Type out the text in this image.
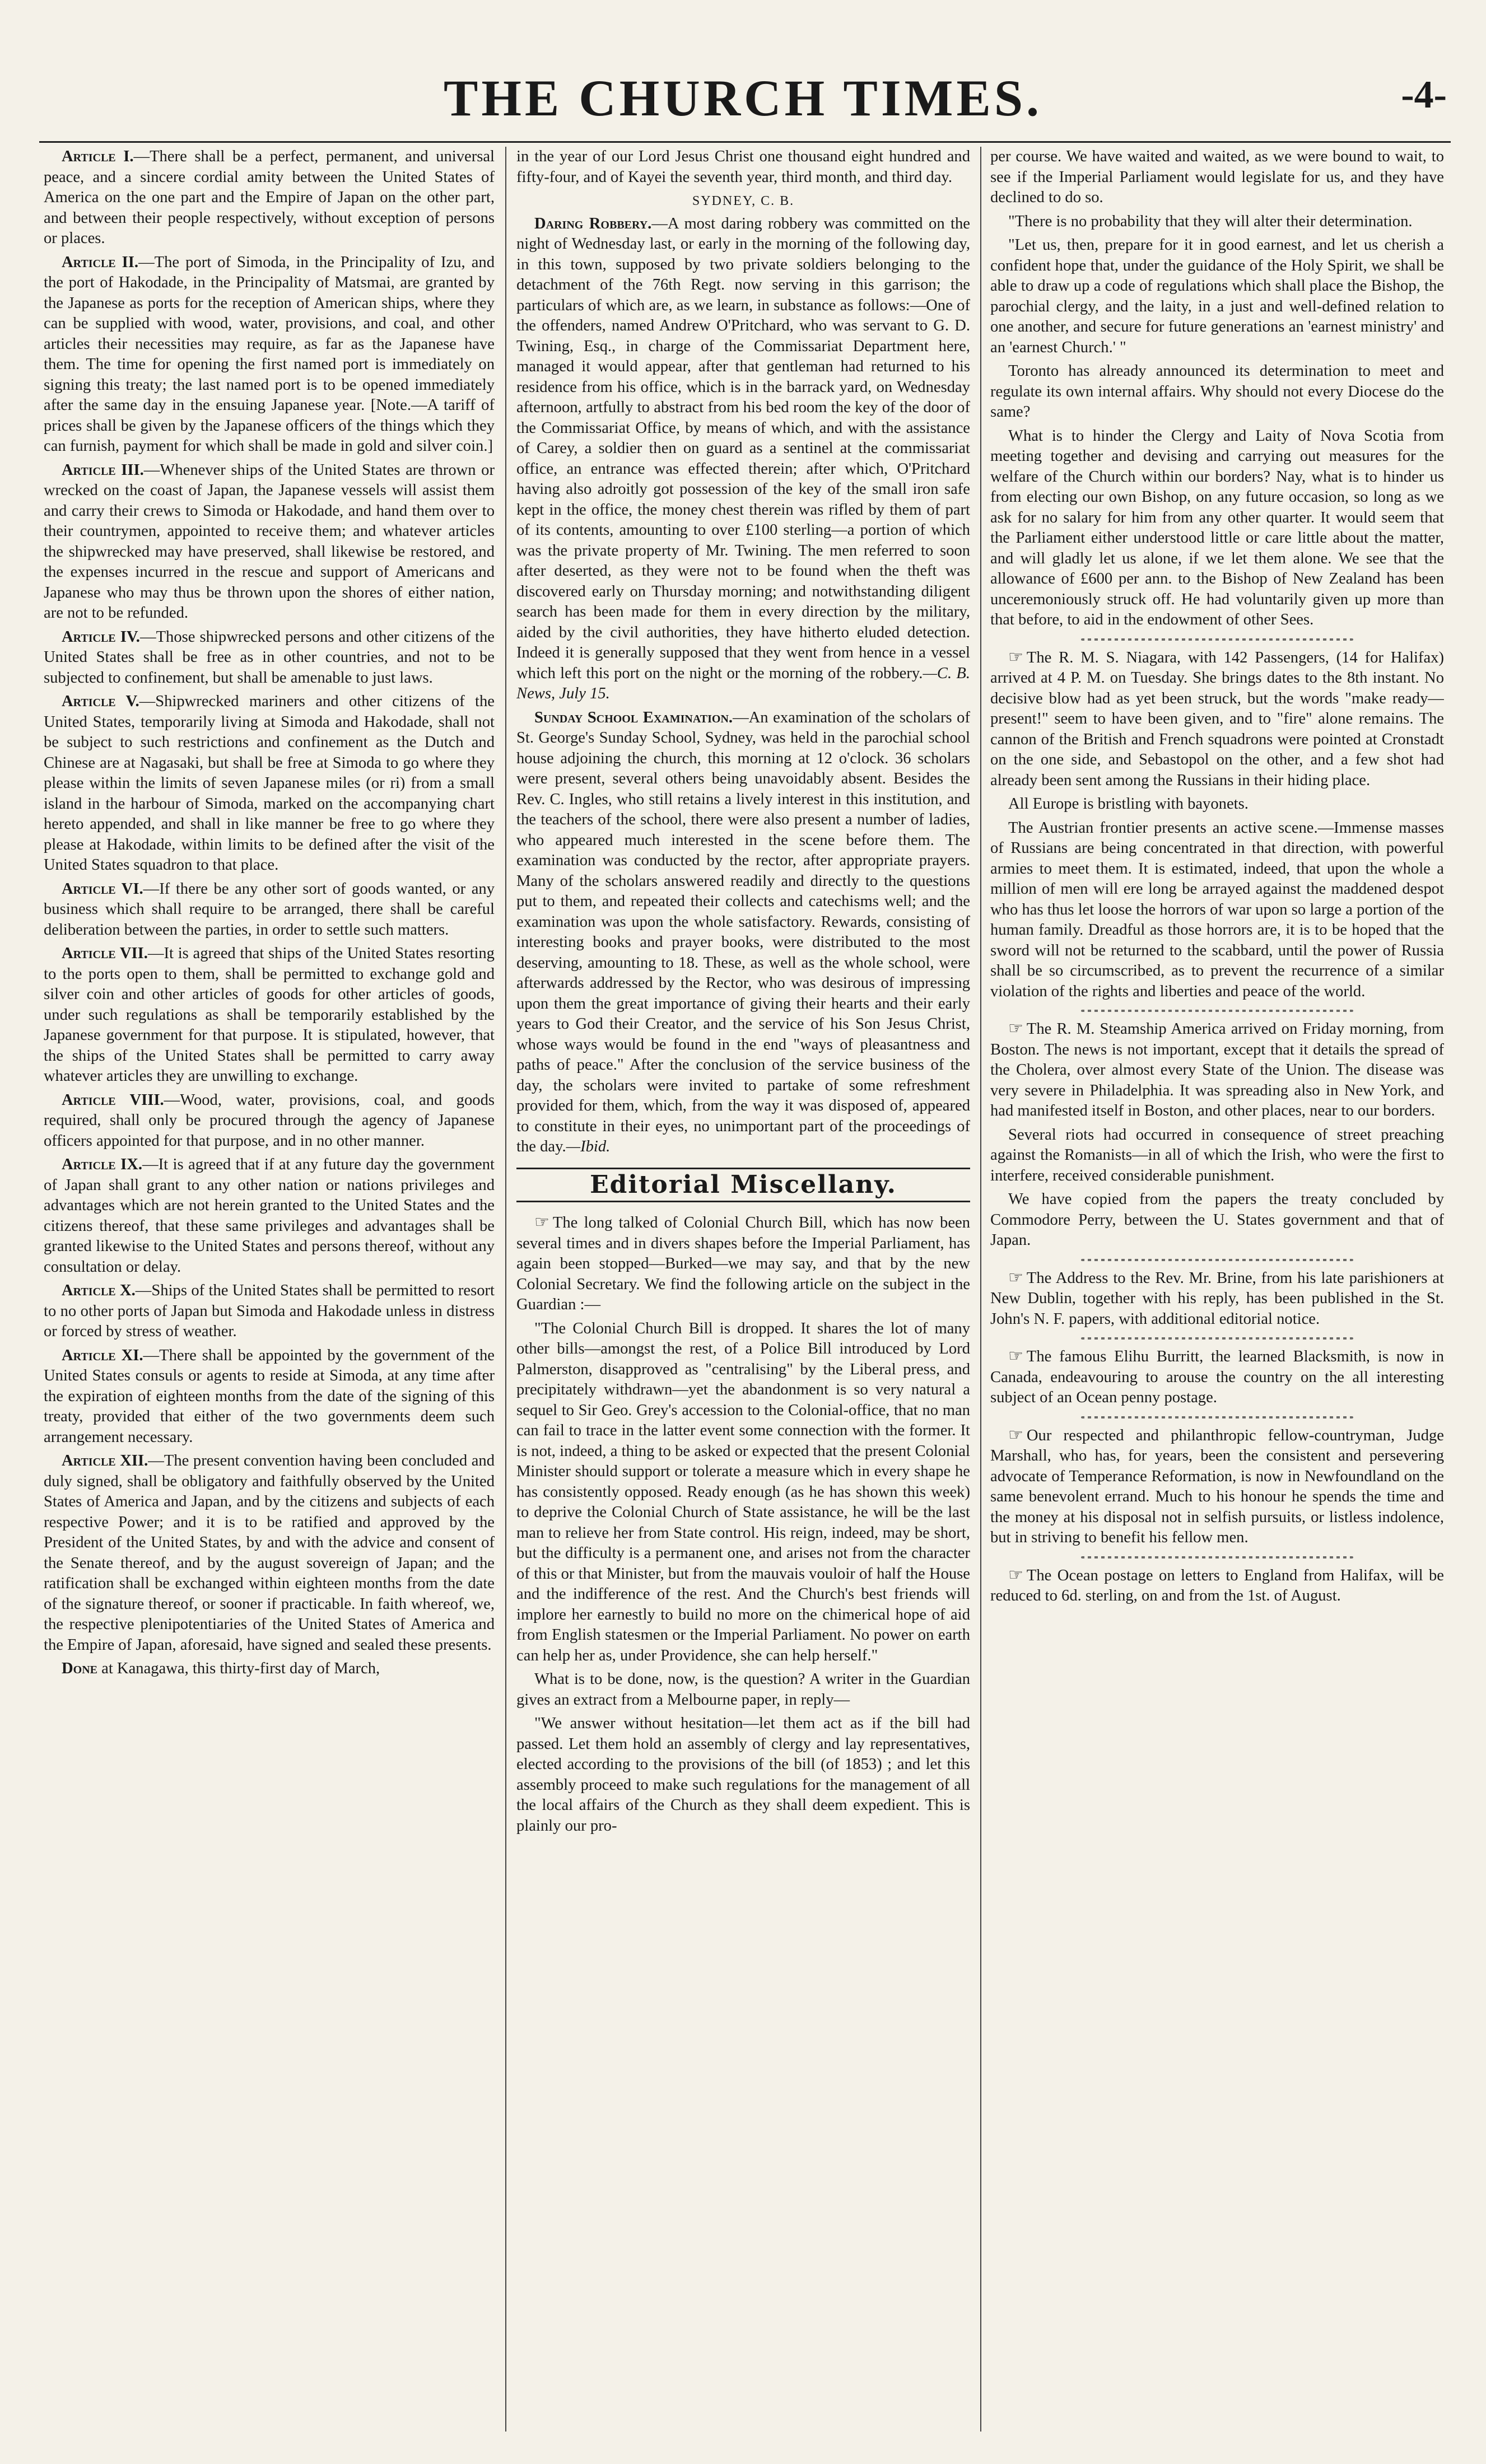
THE CHURCH TIMES.	-4-

Article I.—There shall be a perfect, permanent, and universal peace, and a sincere cordial amity between the United States of America on the one part and the Empire of Japan on the other part, and between their people respectively, without exception of persons or places.

Article II.—The port of Simoda, in the Principality of Izu, and the port of Hakodade, in the Principality of Matsmai, are granted by the Japanese as ports for the reception of American ships, where they can be supplied with wood, water, provisions, and coal, and other articles their necessities may require, as far as the Japanese have them. The time for opening the first named port is immediately on signing this treaty; the last named port is to be opened immediately after the same day in the ensuing Japanese year. [Note.—A tariff of prices shall be given by the Japanese officers of the things which they can furnish, payment for which shall be made in gold and silver coin.]

Article III.—Whenever ships of the United States are thrown or wrecked on the coast of Japan, the Japanese vessels will assist them and carry their crews to Simoda or Hakodade, and hand them over to their countrymen, appointed to receive them; and whatever articles the shipwrecked may have preserved, shall likewise be restored, and the expenses incurred in the rescue and support of Americans and Japanese who may thus be thrown upon the shores of either nation, are not to be refunded.

Article IV.—Those shipwrecked persons and other citizens of the United States shall be free as in other countries, and not to be subjected to confinement, but shall be amenable to just laws.

Article V.—Shipwrecked mariners and other citizens of the United States, temporarily living at Simoda and Hakodade, shall not be subject to such restrictions and confinement as the Dutch and Chinese are at Nagasaki, but shall be free at Simoda to go where they please within the limits of seven Japanese miles (or ri) from a small island in the harbour of Simoda, marked on the accompanying chart hereto appended, and shall in like manner be free to go where they please at Hakodade, within limits to be defined after the visit of the United States squadron to that place.

Article VI.—If there be any other sort of goods wanted, or any business which shall require to be arranged, there shall be careful deliberation between the parties, in order to settle such matters.

Article VII.—It is agreed that ships of the United States resorting to the ports open to them, shall be permitted to exchange gold and silver coin and other articles of goods for other articles of goods, under such regulations as shall be temporarily established by the Japanese government for that purpose. It is stipulated, however, that the ships of the United States shall be permitted to carry away whatever articles they are unwilling to exchange.

Article VIII.—Wood, water, provisions, coal, and goods required, shall only be procured through the agency of Japanese officers appointed for that purpose, and in no other manner.

Article IX.—It is agreed that if at any future day the government of Japan shall grant to any other nation or nations privileges and advantages which are not herein granted to the United States and the citizens thereof, that these same privileges and advantages shall be granted likewise to the United States and persons thereof, without any consultation or delay.

Article X.—Ships of the United States shall be permitted to resort to no other ports of Japan but Simoda and Hakodade unless in distress or forced by stress of weather.

Article XI.—There shall be appointed by the government of the United States consuls or agents to reside at Simoda, at any time after the expiration of eighteen months from the date of the signing of this treaty, provided that either of the two governments deem such arrangement necessary.

Article XII.—The present convention having been concluded and duly signed, shall be obligatory and faithfully observed by the United States of America and Japan, and by the citizens and subjects of each respective Power; and it is to be ratified and approved by the President of the United States, by and with the advice and consent of the Senate thereof, and by the august sovereign of Japan; and the ratification shall be exchanged within eighteen months from the date of the signature thereof, or sooner if practicable. In faith whereof, we, the respective plenipotentiaries of the United States of America and the Empire of Japan, aforesaid, have signed and sealed these presents.

Done at Kanagawa, this thirty-first day of March,

in the year of our Lord Jesus Christ one thousand eight hundred and fifty-four, and of Kayei the seventh year, third month, and third day.

SYDNEY, C. B.

Daring Robbery.—A most daring robbery was committed on the night of Wednesday last, or early in the morning of the following day, in this town, supposed by two private soldiers belonging to the detachment of the 76th Regt. now serving in this garrison; the particulars of which are, as we learn, in substance as follows:—One of the offenders, named Andrew O'Pritchard, who was servant to G. D. Twining, Esq., in charge of the Commissariat Department here, managed it would appear, after that gentleman had returned to his residence from his office, which is in the barrack yard, on Wednesday afternoon, artfully to abstract from his bed room the key of the door of the Commissariat Office, by means of which, and with the assistance of Carey, a soldier then on guard as a sentinel at the commissariat office, an entrance was effected therein; after which, O'Pritchard having also adroitly got possession of the key of the small iron safe kept in the office, the money chest therein was rifled by them of part of its contents, amounting to over £100 sterling—a portion of which was the private property of Mr. Twining. The men referred to soon after deserted, as they were not to be found when the theft was discovered early on Thursday morning; and notwithstanding diligent search has been made for them in every direction by the military, aided by the civil authorities, they have hitherto eluded detection. Indeed it is generally supposed that they went from hence in a vessel which left this port on the night or the morning of the robbery.—C. B. News, July 15.

Sunday School Examination.—An examination of the scholars of St. George's Sunday School, Sydney, was held in the parochial school house adjoining the church, this morning at 12 o'clock. 36 scholars were present, several others being unavoidably absent. Besides the Rev. C. Ingles, who still retains a lively interest in this institution, and the teachers of the school, there were also present a number of ladies, who appeared much interested in the scene before them. The examination was conducted by the rector, after appropriate prayers. Many of the scholars answered readily and directly to the questions put to them, and repeated their collects and catechisms well; and the examination was upon the whole satisfactory. Rewards, consisting of interesting books and prayer books, were distributed to the most deserving, amounting to 18. These, as well as the whole school, were afterwards addressed by the Rector, who was desirous of impressing upon them the great importance of giving their hearts and their early years to God their Creator, and the service of his Son Jesus Christ, whose ways would be found in the end "ways of pleasantness and paths of peace." After the conclusion of the service business of the day, the scholars were invited to partake of some refreshment provided for them, which, from the way it was disposed of, appeared to constitute in their eyes, no unimportant part of the proceedings of the day.—Ibid.

Editorial Miscellany.

☞ The long talked of Colonial Church Bill, which has now been several times and in divers shapes before the Imperial Parliament, has again been stopped—Burked—we may say, and that by the new Colonial Secretary. We find the following article on the subject in the Guardian :—

"The Colonial Church Bill is dropped. It shares the lot of many other bills—amongst the rest, of a Police Bill introduced by Lord Palmerston, disapproved as "centralising" by the Liberal press, and precipitately withdrawn—yet the abandonment is so very natural a sequel to Sir Geo. Grey's accession to the Colonial-office, that no man can fail to trace in the latter event some connection with the former. It is not, indeed, a thing to be asked or expected that the present Colonial Minister should support or tolerate a measure which in every shape he has consistently opposed. Ready enough (as he has shown this week) to deprive the Colonial Church of State assistance, he will be the last man to relieve her from State control. His reign, indeed, may be short, but the difficulty is a permanent one, and arises not from the character of this or that Minister, but from the mauvais vouloir of half the House and the indifference of the rest. And the Church's best friends will implore her earnestly to build no more on the chimerical hope of aid from English statesmen or the Imperial Parliament. No power on earth can help her as, under Providence, she can help herself."

What is to be done, now, is the question? A writer in the Guardian gives an extract from a Melbourne paper, in reply—

"We answer without hesitation—let them act as if the bill had passed. Let them hold an assembly of clergy and lay representatives, elected according to the provisions of the bill (of 1853) ; and let this assembly proceed to make such regulations for the management of all the local affairs of the Church as they shall deem expedient. This is plainly our pro-

per course. We have waited and waited, as we were bound to wait, to see if the Imperial Parliament would legislate for us, and they have declined to do so.

"There is no probability that they will alter their determination.

"Let us, then, prepare for it in good earnest, and let us cherish a confident hope that, under the guidance of the Holy Spirit, we shall be able to draw up a code of regulations which shall place the Bishop, the parochial clergy, and the laity, in a just and well-defined relation to one another, and secure for future generations an 'earnest ministry' and an 'earnest Church.' "

Toronto has already announced its determination to meet and regulate its own internal affairs. Why should not every Diocese do the same?

What is to hinder the Clergy and Laity of Nova Scotia from meeting together and devising and carrying out measures for the welfare of the Church within our borders? Nay, what is to hinder us from electing our own Bishop, on any future occasion, so long as we ask for no salary for him from any other quarter. It would seem that the Parliament either understood little or care little about the matter, and will gladly let us alone, if we let them alone. We see that the allowance of £600 per ann. to the Bishop of New Zealand has been unceremoniously struck off. He had voluntarily given up more than that before, to aid in the endowment of other Sees.

☞ The R. M. S. Niagara, with 142 Passengers, (14 for Halifax) arrived at 4 P. M. on Tuesday. She brings dates to the 8th instant. No decisive blow had as yet been struck, but the words "make ready—present!" seem to have been given, and to "fire" alone remains. The cannon of the British and French squadrons were pointed at Cronstadt on the one side, and Sebastopol on the other, and a few shot had already been sent among the Russians in their hiding place.

All Europe is bristling with bayonets.

The Austrian frontier presents an active scene.—Immense masses of Russians are being concentrated in that direction, with powerful armies to meet them. It is estimated, indeed, that upon the whole a million of men will ere long be arrayed against the maddened despot who has thus let loose the horrors of war upon so large a portion of the human family. Dreadful as those horrors are, it is to be hoped that the sword will not be returned to the scabbard, until the power of Russia shall be so circumscribed, as to prevent the recurrence of a similar violation of the rights and liberties and peace of the world.

☞ The R. M. Steamship America arrived on Friday morning, from Boston. The news is not important, except that it details the spread of the Cholera, over almost every State of the Union. The disease was very severe in Philadelphia. It was spreading also in New York, and had manifested itself in Boston, and other places, near to our borders.

Several riots had occurred in consequence of street preaching against the Romanists—in all of which the Irish, who were the first to interfere, received considerable punishment.

We have copied from the papers the treaty concluded by Commodore Perry, between the U. States government and that of Japan.

☞ The Address to the Rev. Mr. Brine, from his late parishioners at New Dublin, together with his reply, has been published in the St. John's N. F. papers, with additional editorial notice.

☞ The famous Elihu Burritt, the learned Blacksmith, is now in Canada, endeavouring to arouse the country on the all interesting subject of an Ocean penny postage.

☞ Our respected and philanthropic fellow-countryman, Judge Marshall, who has, for years, been the consistent and persevering advocate of Temperance Reformation, is now in Newfoundland on the same benevolent errand. Much to his honour he spends the time and the money at his disposal not in selfish pursuits, or listless indolence, but in striving to benefit his fellow men.

☞ The Ocean postage on letters to England from Halifax, will be reduced to 6d. sterling, on and from the 1st. of August.
